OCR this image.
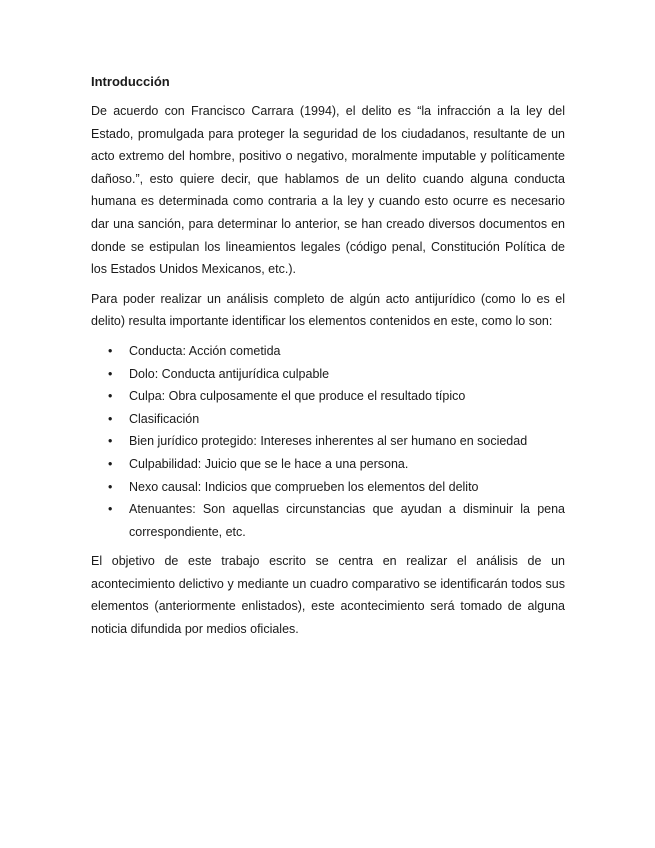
Introducción

De acuerdo con Francisco Carrara (1994), el delito es “la infracción a la ley del Estado, promulgada para proteger la seguridad de los ciudadanos, resultante de un acto extremo del hombre, positivo o negativo, moralmente imputable y políticamente dañoso.”, esto quiere decir, que hablamos de un delito cuando alguna conducta humana es determinada como contraria a la ley y cuando esto ocurre es necesario dar una sanción, para determinar lo anterior, se han creado diversos documentos en donde se estipulan los lineamientos legales (código penal, Constitución Política de los Estados Unidos Mexicanos, etc.).

Para poder realizar un análisis completo de algún acto antijurídico (como lo es el delito) resulta importante identificar los elementos contenidos en este, como lo son:

• Conducta: Acción cometida
• Dolo: Conducta antijurídica culpable
• Culpa: Obra culposamente el que produce el resultado típico
• Clasificación
• Bien jurídico protegido: Intereses inherentes al ser humano en sociedad
• Culpabilidad: Juicio que se le hace a una persona.
• Nexo causal: Indicios que comprueben los elementos del delito
• Atenuantes: Son aquellas circunstancias que ayudan a disminuir la pena correspondiente, etc.

El objetivo de este trabajo escrito se centra en realizar el análisis de un acontecimiento delictivo y mediante un cuadro comparativo se identificarán todos sus elementos (anteriormente enlistados), este acontecimiento será tomado de alguna noticia difundida por medios oficiales.
